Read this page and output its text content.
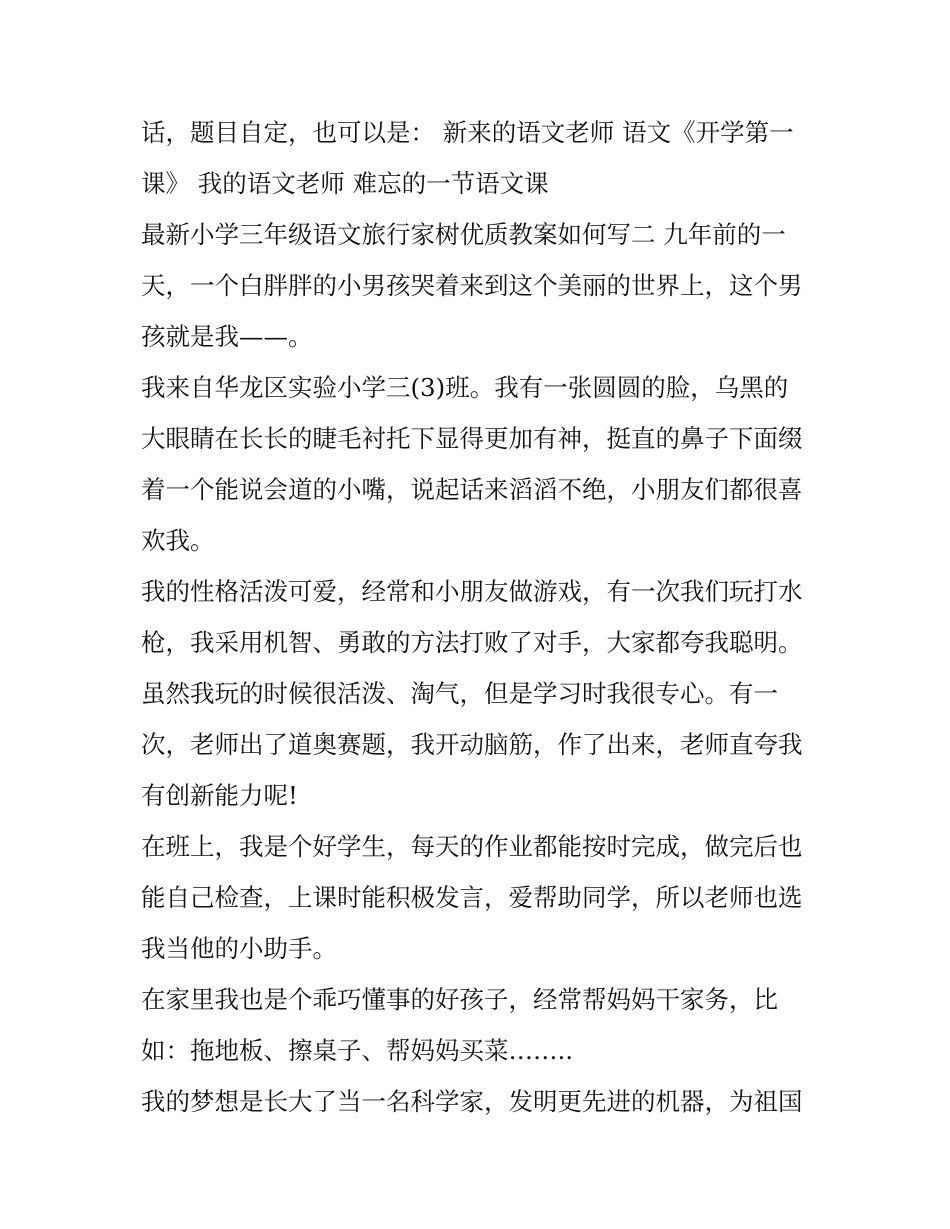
话，题目自定，也可以是： 新来的语文老师 语文《开学第一
课》 我的语文老师 难忘的一节语文课
最新小学三年级语文旅行家树优质教案如何写二 九年前的一
天，一个白胖胖的小男孩哭着来到这个美丽的世界上，这个男
孩就是我——。
我来自华龙区实验小学三(3)班。我有一张圆圆的脸，乌黑的
大眼睛在长长的睫毛衬托下显得更加有神，挺直的鼻子下面缀
着一个能说会道的小嘴，说起话来滔滔不绝，小朋友们都很喜
欢我。
我的性格活泼可爱，经常和小朋友做游戏，有一次我们玩打水
枪，我采用机智、勇敢的方法打败了对手，大家都夸我聪明。
虽然我玩的时候很活泼、淘气，但是学习时我很专心。有一
次，老师出了道奥赛题，我开动脑筋，作了出来，老师直夸我
有创新能力呢!
在班上，我是个好学生，每天的作业都能按时完成，做完后也
能自己检查，上课时能积极发言，爱帮助同学，所以老师也选
我当他的小助手。
在家里我也是个乖巧懂事的好孩子，经常帮妈妈干家务，比
如：拖地板、擦桌子、帮妈妈买菜……..
我的梦想是长大了当一名科学家，发明更先进的机器，为祖国
